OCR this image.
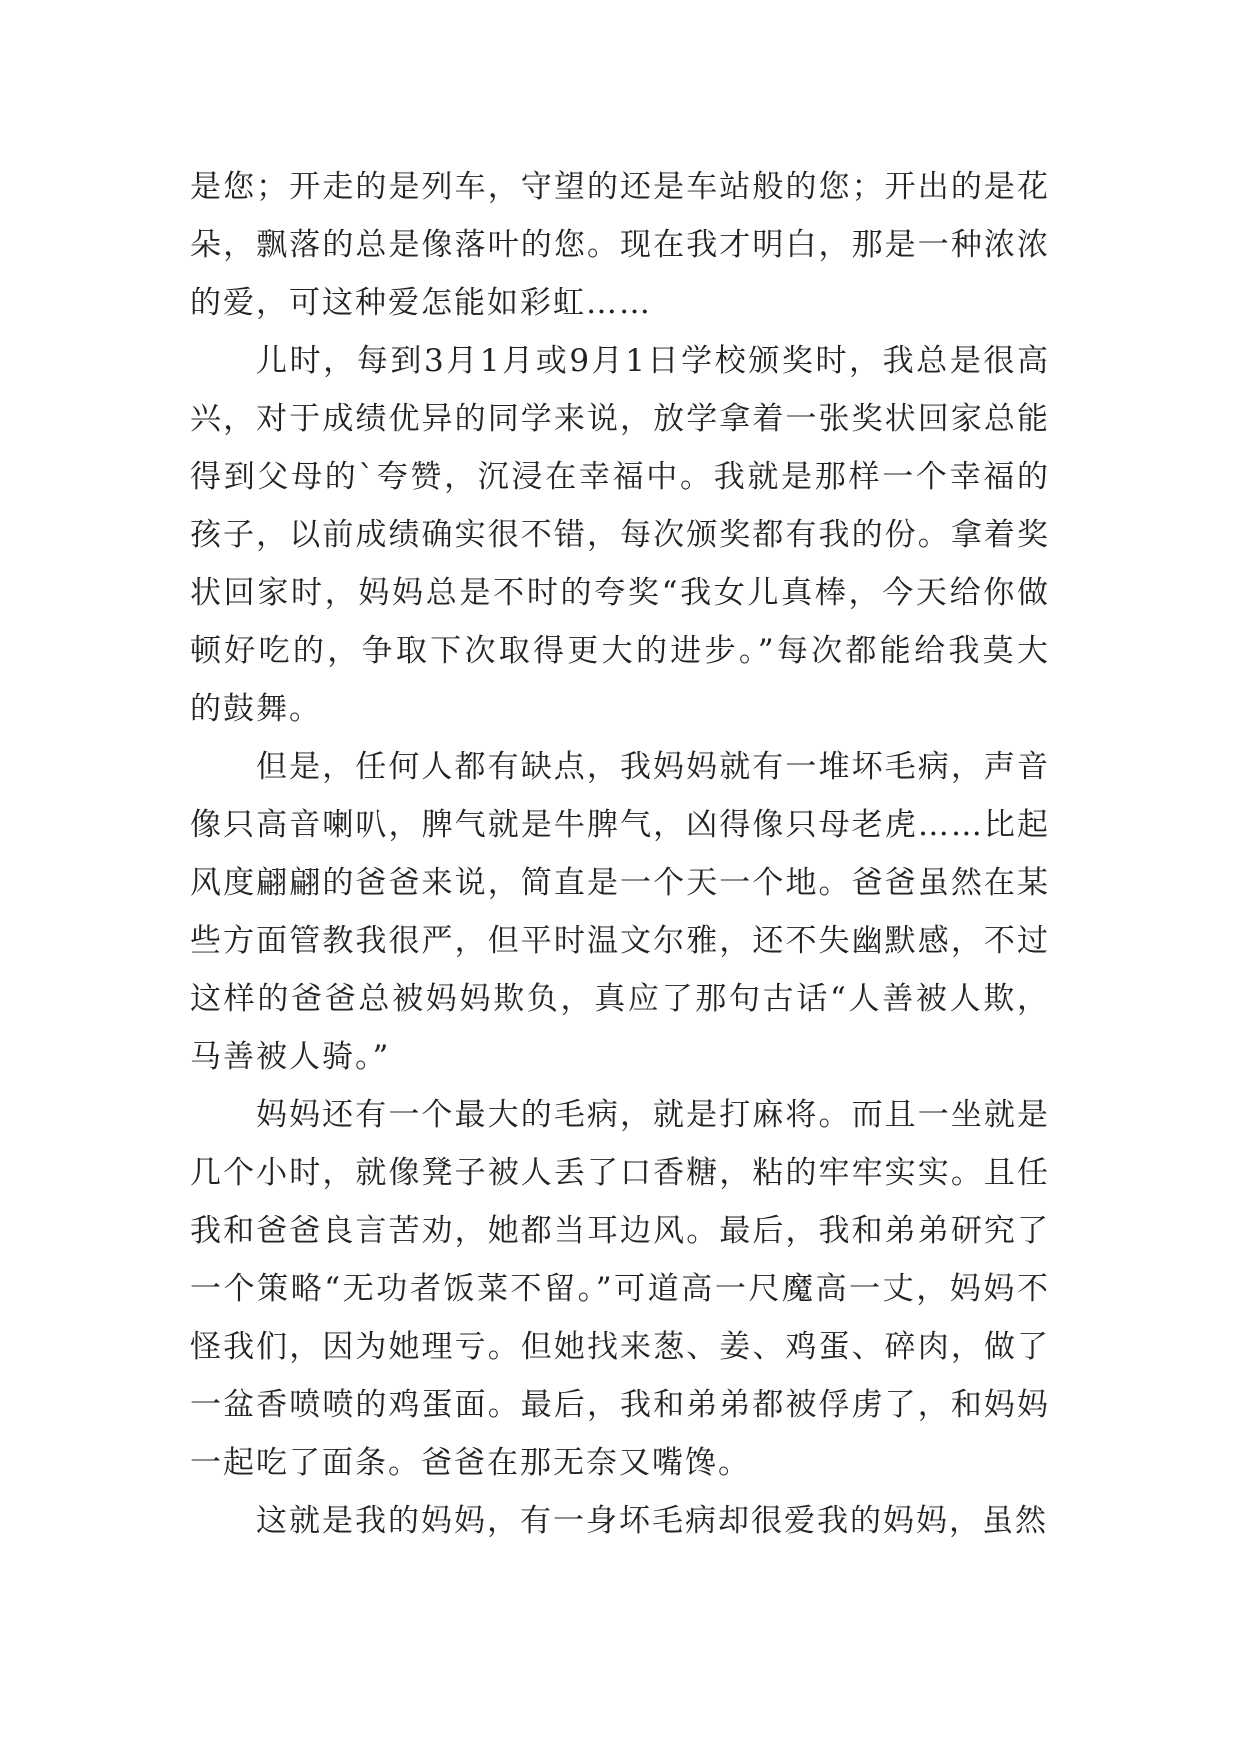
是您；开走的是列车，守望的还是车站般的您；开出的是花朵，飘落的总是像落叶的您。现在我才明白，那是一种浓浓的爱，可这种爱怎能如彩虹……

儿时，每到3月1月或9月1日学校颁奖时，我总是很高兴，对于成绩优异的同学来说，放学拿着一张奖状回家总能得到父母的`夸赞，沉浸在幸福中。我就是那样一个幸福的孩子，以前成绩确实很不错，每次颁奖都有我的份。拿着奖状回家时，妈妈总是不时的夸奖“我女儿真棒，今天给你做顿好吃的，争取下次取得更大的进步。”每次都能给我莫大的鼓舞。

但是，任何人都有缺点，我妈妈就有一堆坏毛病，声音像只高音喇叭，脾气就是牛脾气，凶得像只母老虎……比起风度翩翩的爸爸来说，简直是一个天一个地。爸爸虽然在某些方面管教我很严，但平时温文尔雅，还不失幽默感，不过这样的爸爸总被妈妈欺负，真应了那句古话“人善被人欺，马善被人骑。”

妈妈还有一个最大的毛病，就是打麻将。而且一坐就是几个小时，就像凳子被人丢了口香糖，粘的牢牢实实。且任我和爸爸良言苦劝，她都当耳边风。最后，我和弟弟研究了一个策略“无功者饭菜不留。”可道高一尺魔高一丈，妈妈不怪我们，因为她理亏。但她找来葱、姜、鸡蛋、碎肉，做了一盆香喷喷的鸡蛋面。最后，我和弟弟都被俘虏了，和妈妈一起吃了面条。爸爸在那无奈又嘴馋。

这就是我的妈妈，有一身坏毛病却很爱我的妈妈，虽然
